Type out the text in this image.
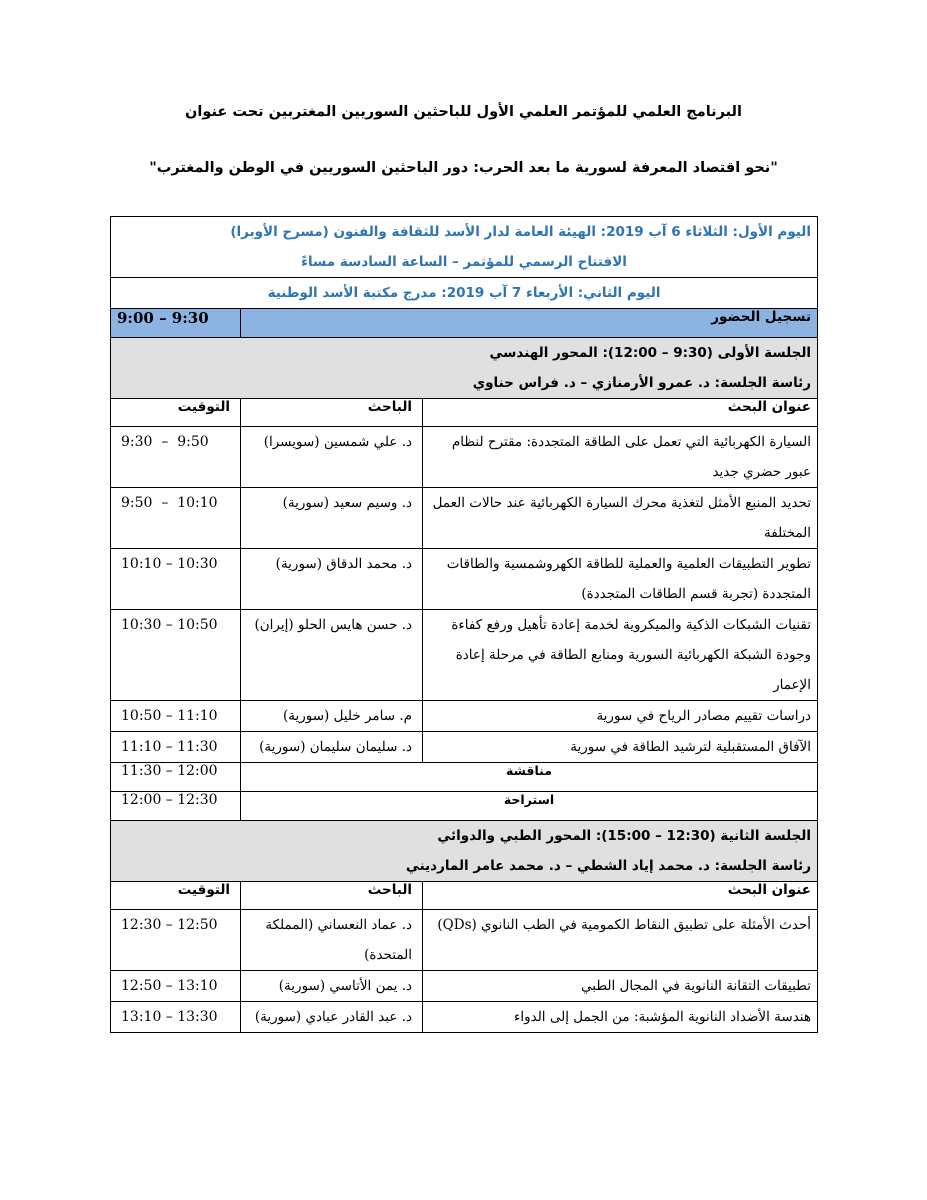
البرنامج العلمي للمؤتمر العلمي الأول للباحثين السوريين المغتربين تحت عنوان
"نحو اقتصاد المعرفة لسورية ما بعد الحرب: دور الباحثين السوريين في الوطن والمغترب"
اليوم الأول: الثلاثاء 6 آب 2019: الهيئة العامة لدار الأسد للثقافة والفنون (مسرح الأوبرا)
الافتتاح الرسمي للمؤتمر – الساعة السادسة مساءً		

اليوم الثاني: الأربعاء 7 آب 2019: مدرج مكتبة الأسد الوطنية		

تسجيل الحضور		9:00 – 9:30

الجلسة الأولى (9:30 – 12:00): المحور الهندسي
رئاسة الجلسة: د. عمرو الأرمنازي – د. فراس حناوي		

عنوان البحث	الباحث	التوقيت
السيارة الكهربائية التي تعمل على الطاقة المتجددة: مقترح لنظام عبور حضري جديد	د. علي شمسين (سويسرا)	9:30  –  9:50
تحديد المنبع الأمثل لتغذية محرك السيارة الكهربائية عند حالات العمل المختلفة	د. وسيم سعيد (سورية)	9:50  –  10:10
تطوير التطبيقات العلمية والعملية للطاقة الكهروشمسية والطاقات المتجددة (تجربة قسم الطاقات المتجددة)	د. محمد الدقاق (سورية)	10:10 – 10:30
تقنيات الشبكات الذكية والميكروية لخدمة إعادة تأهيل ورفع كفاءة وجودة الشبكة الكهربائية السورية ومنابع الطاقة في مرحلة إعادة الإعمار	د. حسن هايس الحلو (إيران)	10:30 – 10:50
دراسات تقييم مصادر الرياح في سورية	م. سامر خليل (سورية)	10:50 – 11:10
الآفاق المستقبلية لترشيد الطاقة في سورية	د. سليمان سليمان (سورية)	11:10 – 11:30
مناقشة		11:30 – 12:00
استراحة		12:00 – 12:30

الجلسة الثانية (12:30 – 15:00): المحور الطبي والدوائي
رئاسة الجلسة: د. محمد إياد الشطي – د. محمد عامر المارديني		

عنوان البحث	الباحث	التوقيت
أحدث الأمثلة على تطبيق النقاط الكمومية في الطب النانوي (QDs)	د. عماد النعساني (المملكة المتحدة)	12:30 – 12:50
تطبيقات التقانة النانوية في المجال الطبي	د. يمن الأتاسي (سورية)	12:50 – 13:10
هندسة الأضداد النانوية المؤشبة: من الجمل إلى الدواء	د. عبد القادر عبادي (سورية)	13:10 – 13:30
